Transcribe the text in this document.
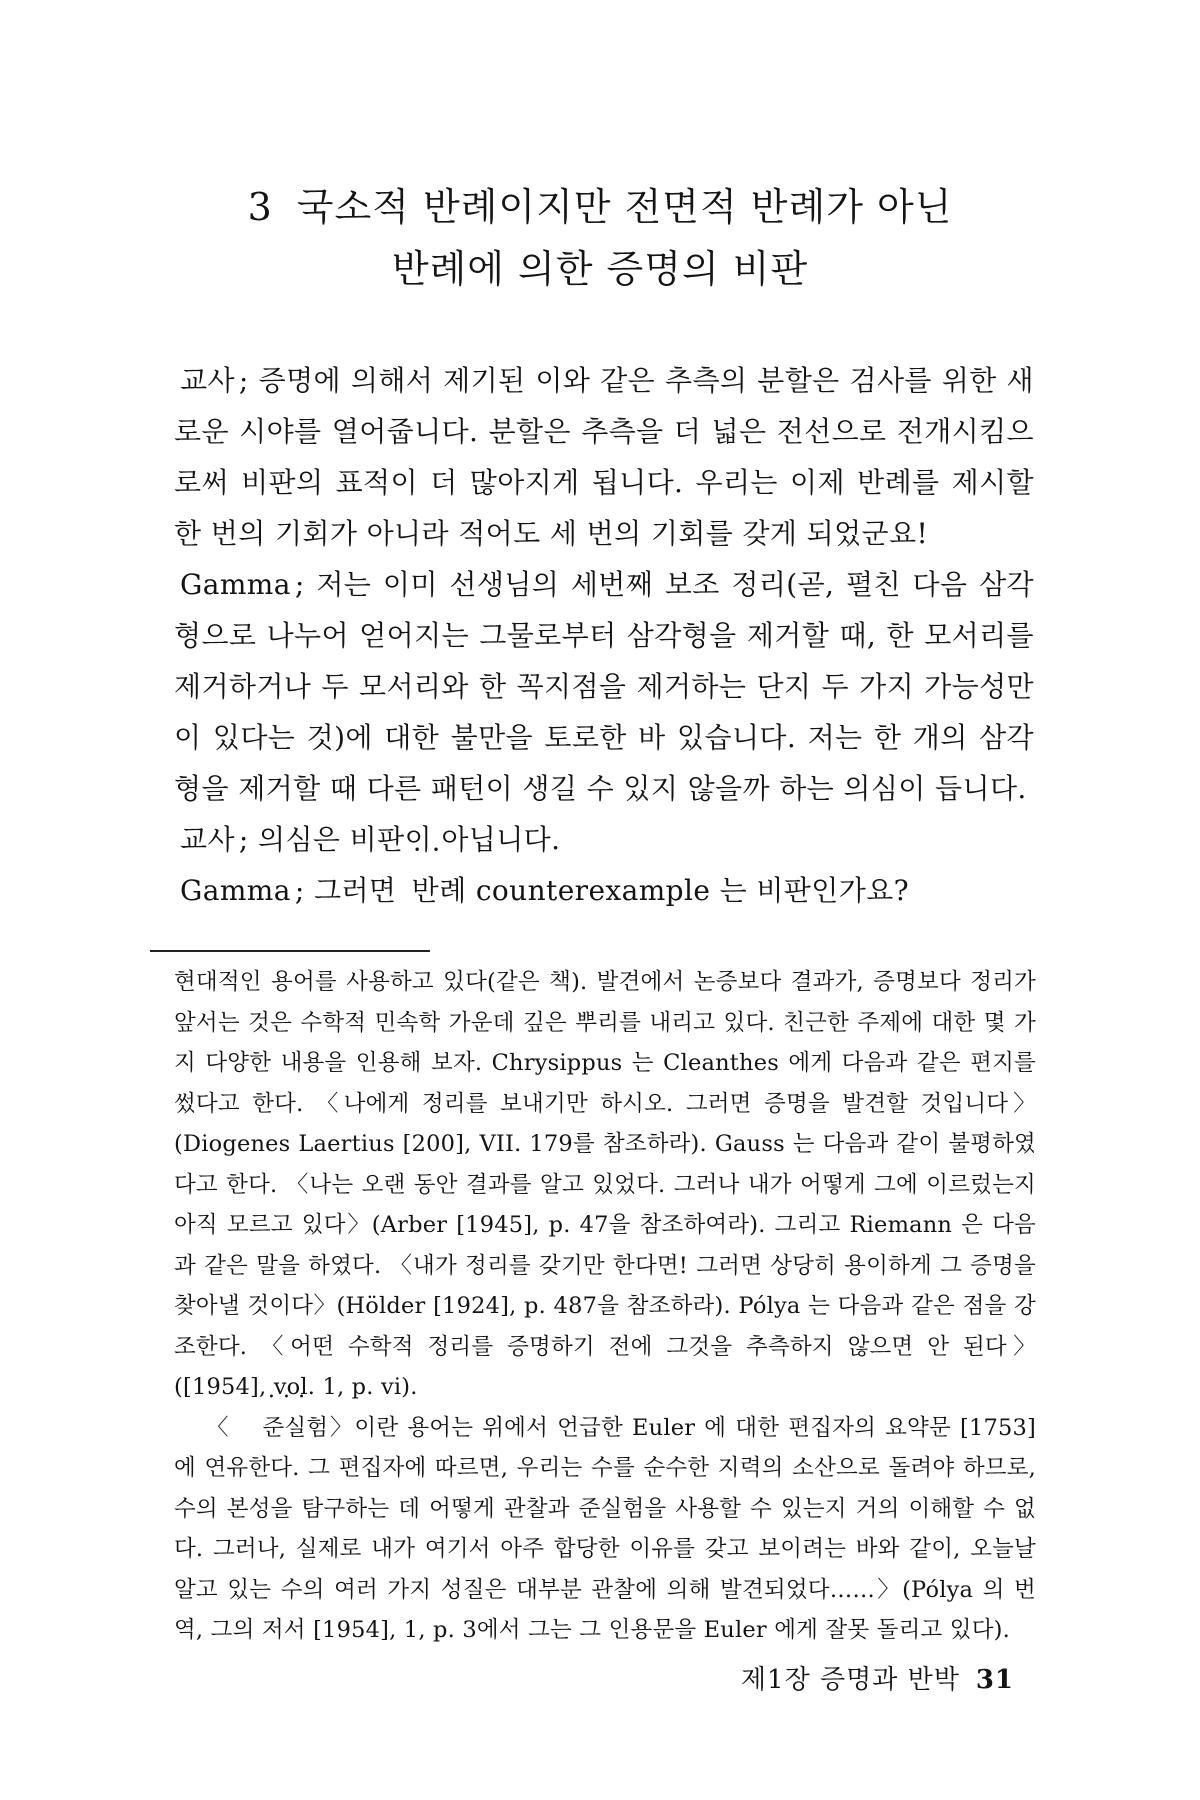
3 국소적 반례이지만 전면적 반례가 아닌
반례에 의한 증명의 비판

교사 ; 증명에 의해서 제기된 이와 같은 추측의 분할은 검사를 위한 새로운 시야를 열어줍니다. 분할은 추측을 더 넓은 전선으로 전개시킴으로써 비판의 표적이 더 많아지게 됩니다. 우리는 이제 반례를 제시할 한 번의 기회가 아니라 적어도 세 번의 기회를 갖게 되었군요!

Gamma ; 저는 이미 선생님의 세번째 보조 정리(곧, 펼친 다음 삼각형으로 나누어 얻어지는 그물로부터 삼각형을 제거할 때, 한 모서리를 제거하거나 두 모서리와 한 꼭지점을 제거하는 단지 두 가지 가능성만이 있다는 것)에 대한 불만을 토로한 바 있습니다. 저는 한 개의 삼각형을 제거할 때 다른 패턴이 생길 수 있지 않을까 하는 의심이 듭니다.

교사 ; 의심은 비판이 아닙니다.

Gamma ; 그러면 • • 반례 counterexample 는 비판인가요?

현대적인 용어를 사용하고 있다(같은 책). 발견에서 논증보다 결과가, 증명보다 정리가 앞서는 것은 수학적 민속학 가운데 깊은 뿌리를 내리고 있다. 친근한 주제에 대한 몇 가지 다양한 내용을 인용해 보자. Chrysippus 는 Cleanthes 에게 다음과 같은 편지를 썼다고 한다. 〈나에게 정리를 보내기만 하시오. 그러면 증명을 발견할 것입니다〉(Diogenes Laertius [200], VII. 179를 참조하라). Gauss 는 다음과 같이 불평하였다고 한다. 〈나는 오랜 동안 결과를 알고 있었다. 그러나 내가 어떻게 그에 이르렀는지 아직 모르고 있다〉(Arber [1945], p. 47을 참조하여라). 그리고 Riemann 은 다음과 같은 말을 하였다. 〈내가 정리를 갖기만 한다면! 그러면 상당히 용이하게 그 증명을 찾아낼 것이다〉(Hölder [1924], p. 487을 참조하라). Pólya 는 다음과 같은 점을 강조한다. 〈어떤 수학적 정리를 증명하기 전에 그것을 추측하지 않으면 안 된다〉([1954], vol. 1, p. vi).

〈• • • 준실험〉이란 용어는 위에서 언급한 Euler 에 대한 편집자의 요약문 [1753]에 연유한다. 그 편집자에 따르면, 우리는 수를 순수한 지력의 소산으로 돌려야 하므로, 수의 본성을 탐구하는 데 어떻게 관찰과 준실험을 사용할 수 있는지 거의 이해할 수 없다. 그러나, 실제로 내가 여기서 아주 합당한 이유를 갖고 보이려는 바와 같이, 오늘날 알고 있는 수의 여러 가지 성질은 대부분 관찰에 의해 발견되었다……〉(Pólya 의 번역, 그의 저서 [1954], 1, p. 3에서 그는 그 인용문을 Euler 에게 잘못 돌리고 있다).

제1장 증명과 반박 31
